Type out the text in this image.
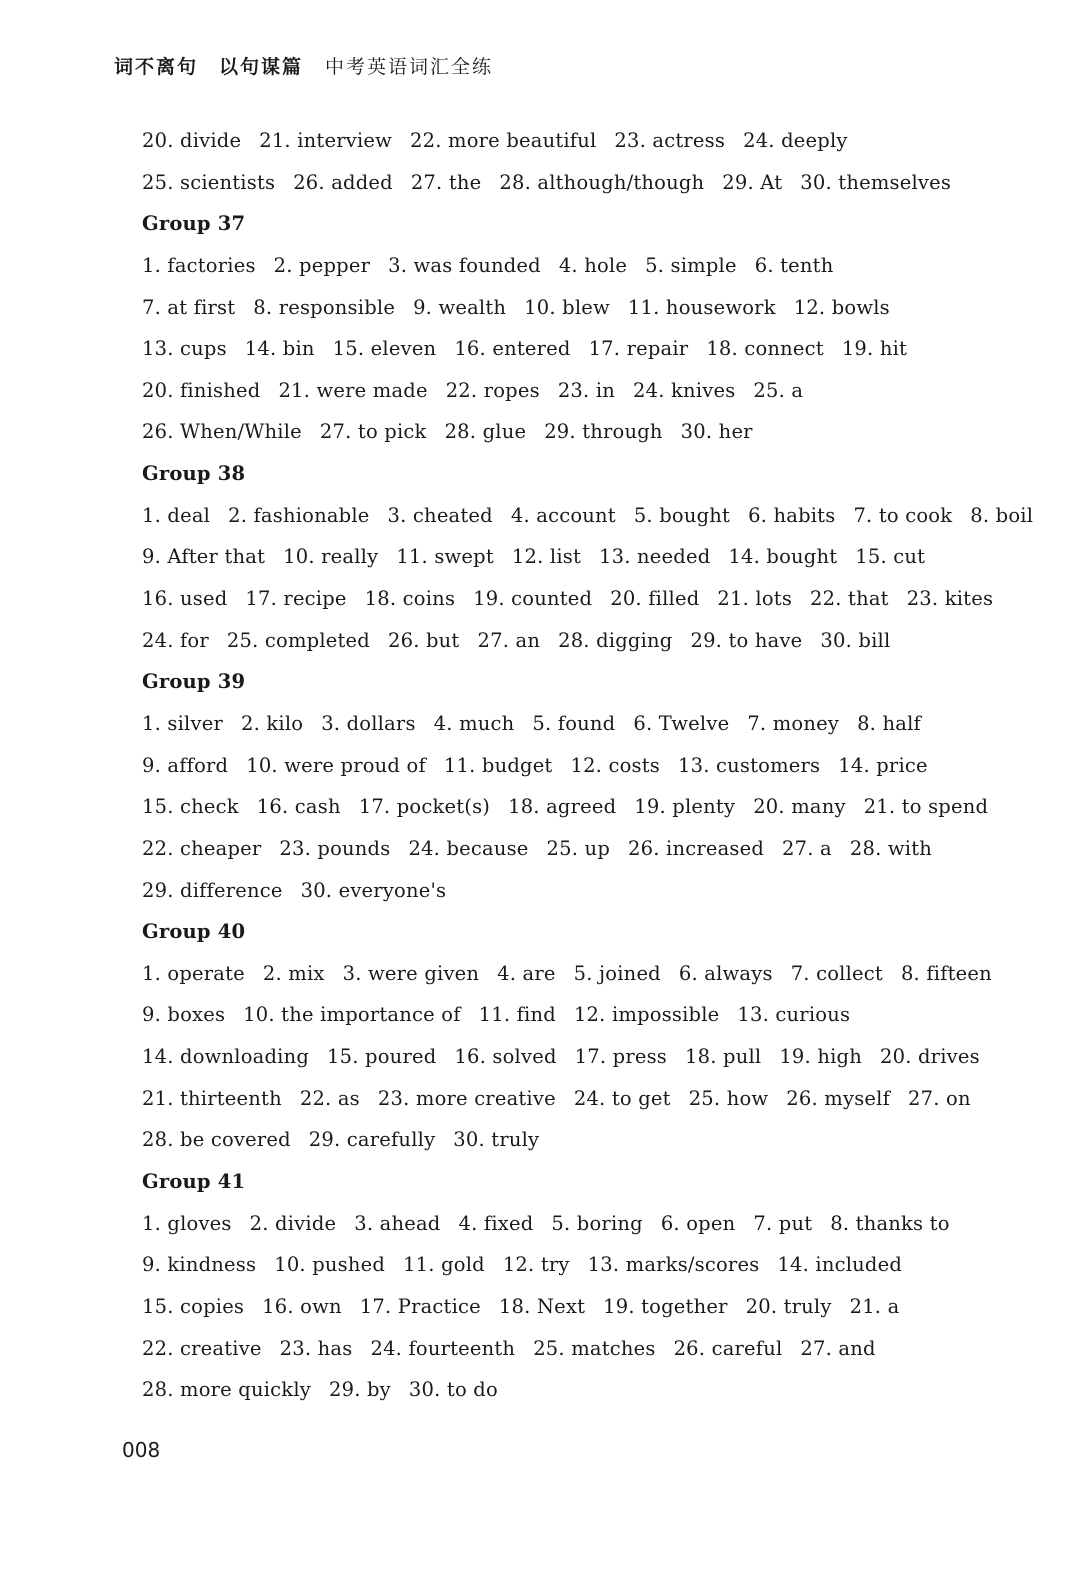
词不离句　以句谋篇 中考英语词汇全练
20. divide 21. interview 22. more beautiful 23. actress 24. deeply
25. scientists 26. added 27. the 28. although/though 29. At 30. themselves
Group 37
1. factories 2. pepper 3. was founded 4. hole 5. simple 6. tenth
7. at first 8. responsible 9. wealth 10. blew 11. housework 12. bowls
13. cups 14. bin 15. eleven 16. entered 17. repair 18. connect 19. hit
20. finished 21. were made 22. ropes 23. in 24. knives 25. a
26. When/While 27. to pick 28. glue 29. through 30. her
Group 38
1. deal 2. fashionable 3. cheated 4. account 5. bought 6. habits 7. to cook 8. boil
9. After that 10. really 11. swept 12. list 13. needed 14. bought 15. cut
16. used 17. recipe 18. coins 19. counted 20. filled 21. lots 22. that 23. kites
24. for 25. completed 26. but 27. an 28. digging 29. to have 30. bill
Group 39
1. silver 2. kilo 3. dollars 4. much 5. found 6. Twelve 7. money 8. half
9. afford 10. were proud of 11. budget 12. costs 13. customers 14. price
15. check 16. cash 17. pocket(s) 18. agreed 19. plenty 20. many 21. to spend
22. cheaper 23. pounds 24. because 25. up 26. increased 27. a 28. with
29. difference 30. everyone's
Group 40
1. operate 2. mix 3. were given 4. are 5. joined 6. always 7. collect 8. fifteen
9. boxes 10. the importance of 11. find 12. impossible 13. curious
14. downloading 15. poured 16. solved 17. press 18. pull 19. high 20. drives
21. thirteenth 22. as 23. more creative 24. to get 25. how 26. myself 27. on
28. be covered 29. carefully 30. truly
Group 41
1. gloves 2. divide 3. ahead 4. fixed 5. boring 6. open 7. put 8. thanks to
9. kindness 10. pushed 11. gold 12. try 13. marks/scores 14. included
15. copies 16. own 17. Practice 18. Next 19. together 20. truly 21. a
22. creative 23. has 24. fourteenth 25. matches 26. careful 27. and
28. more quickly 29. by 30. to do
008
